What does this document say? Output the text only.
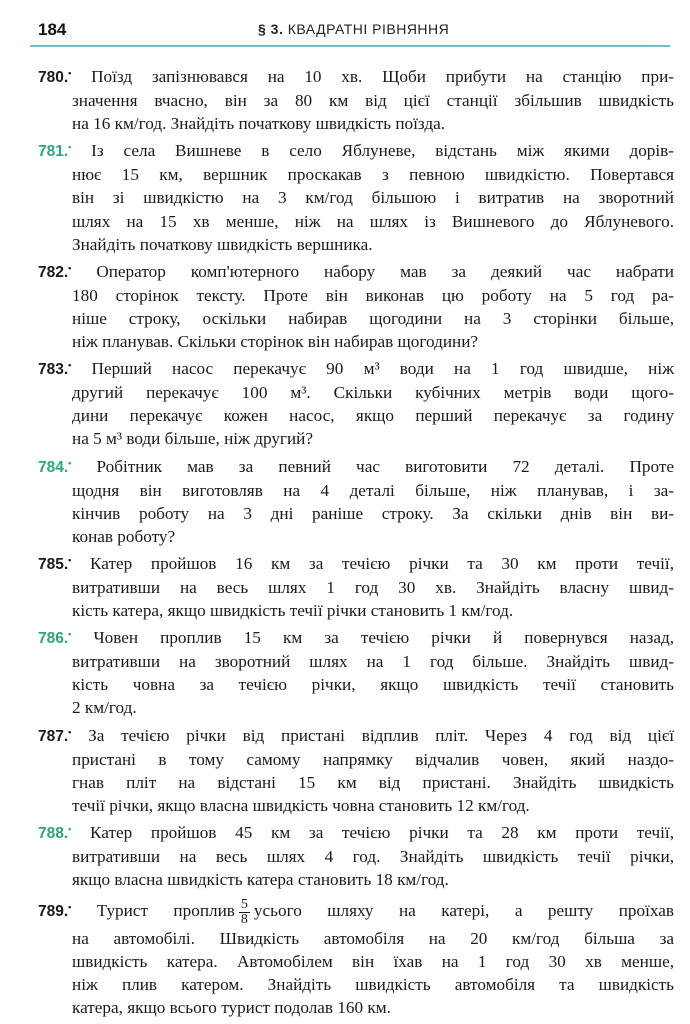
184	§ 3. КВАДРАТНІ РІВНЯННЯ
780.• Поїзд запізнювався на 10 хв. Щоби прибути на станцію при-
значення вчасно, він за 80 км від цієї станції збільшив швидкість
на 16 км/год. Знайдіть початкову швидкість поїзда.
781.• Із села Вишневе в село Яблуневе, відстань між якими дорів-
нює 15 км, вершник проскакав з певною швидкістю. Повертався
він зі швидкістю на 3 км/год більшою і витратив на зворотний
шлях на 15 хв менше, ніж на шлях із Вишневого до Яблуневого.
Знайдіть початкову швидкість вершника.
782.• Оператор комп'ютерного набору мав за деякий час набрати
180 сторінок тексту. Проте він виконав цю роботу на 5 год ра-
ніше строку, оскільки набирав щогодини на 3 сторінки більше,
ніж планував. Скільки сторінок він набирав щогодини?
783.• Перший насос перекачує 90 м³ води на 1 год швидше, ніж
другий перекачує 100 м³. Скільки кубічних метрів води щого-
дини перекачує кожен насос, якщо перший перекачує за годину
на 5 м³ води більше, ніж другий?
784.• Робітник мав за певний час виготовити 72 деталі. Проте
щодня він виготовляв на 4 деталі більше, ніж планував, і за-
кінчив роботу на 3 дні раніше строку. За скільки днів він ви-
конав роботу?
785.• Катер пройшов 16 км за течією річки та 30 км проти течії,
витративши на весь шлях 1 год 30 хв. Знайдіть власну швид-
кість катера, якщо швидкість течії річки становить 1 км/год.
786.• Човен проплив 15 км за течією річки й повернувся назад,
витративши на зворотний шлях на 1 год більше. Знайдіть швид-
кість човна за течією річки, якщо швидкість течії становить
2 км/год.
787.• За течією річки від пристані відплив пліт. Через 4 год від цієї
пристані в тому самому напрямку відчалив човен, який наздо-
гнав пліт на відстані 15 км від пристані. Знайдіть швидкість
течії річки, якщо власна швидкість човна становить 12 км/год.
788.• Катер пройшов 45 км за течією річки та 28 км проти течії,
витративши на весь шлях 4 год. Знайдіть швидкість течії річки,
якщо власна швидкість катера становить 18 км/год.
789.• Турист проплив $\frac{5}{8}$ усього шляху на катері, а решту проїхав
на автомобілі. Швидкість автомобіля на 20 км/год більша за
швидкість катера. Автомобілем він їхав на 1 год 30 хв менше,
ніж плив катером. Знайдіть швидкість автомобіля та швидкість
катера, якщо всього турист подолав 160 км.
